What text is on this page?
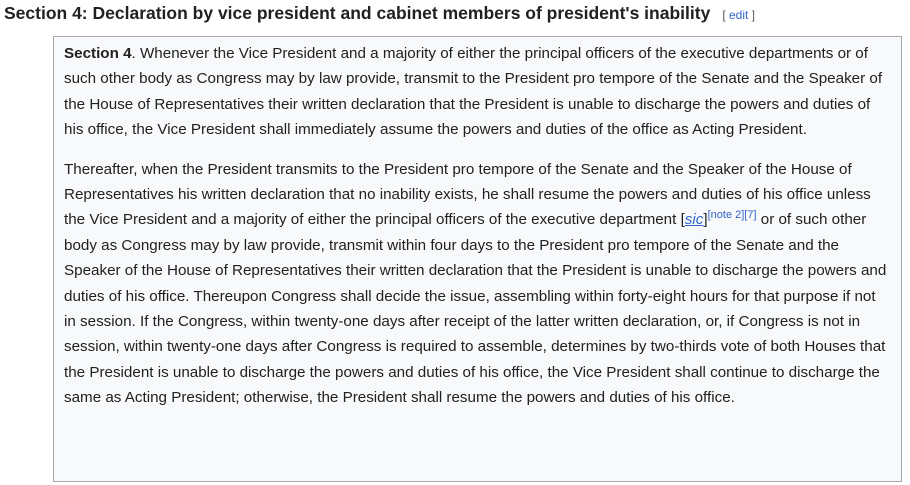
Section 4: Declaration by vice president and cabinet members of president's inability [ edit ]

Section 4. Whenever the Vice President and a majority of either the principal officers of the executive departments or of such other body as Congress may by law provide, transmit to the President pro tempore of the Senate and the Speaker of the House of Representatives their written declaration that the President is unable to discharge the powers and duties of his office, the Vice President shall immediately assume the powers and duties of the office as Acting President.

Thereafter, when the President transmits to the President pro tempore of the Senate and the Speaker of the House of Representatives his written declaration that no inability exists, he shall resume the powers and duties of his office unless the Vice President and a majority of either the principal officers of the executive department [sic][note 2][7] or of such other body as Congress may by law provide, transmit within four days to the President pro tempore of the Senate and the Speaker of the House of Representatives their written declaration that the President is unable to discharge the powers and duties of his office. Thereupon Congress shall decide the issue, assembling within forty-eight hours for that purpose if not in session. If the Congress, within twenty-one days after receipt of the latter written declaration, or, if Congress is not in session, within twenty-one days after Congress is required to assemble, determines by two-thirds vote of both Houses that the President is unable to discharge the powers and duties of his office, the Vice President shall continue to discharge the same as Acting President; otherwise, the President shall resume the powers and duties of his office.
